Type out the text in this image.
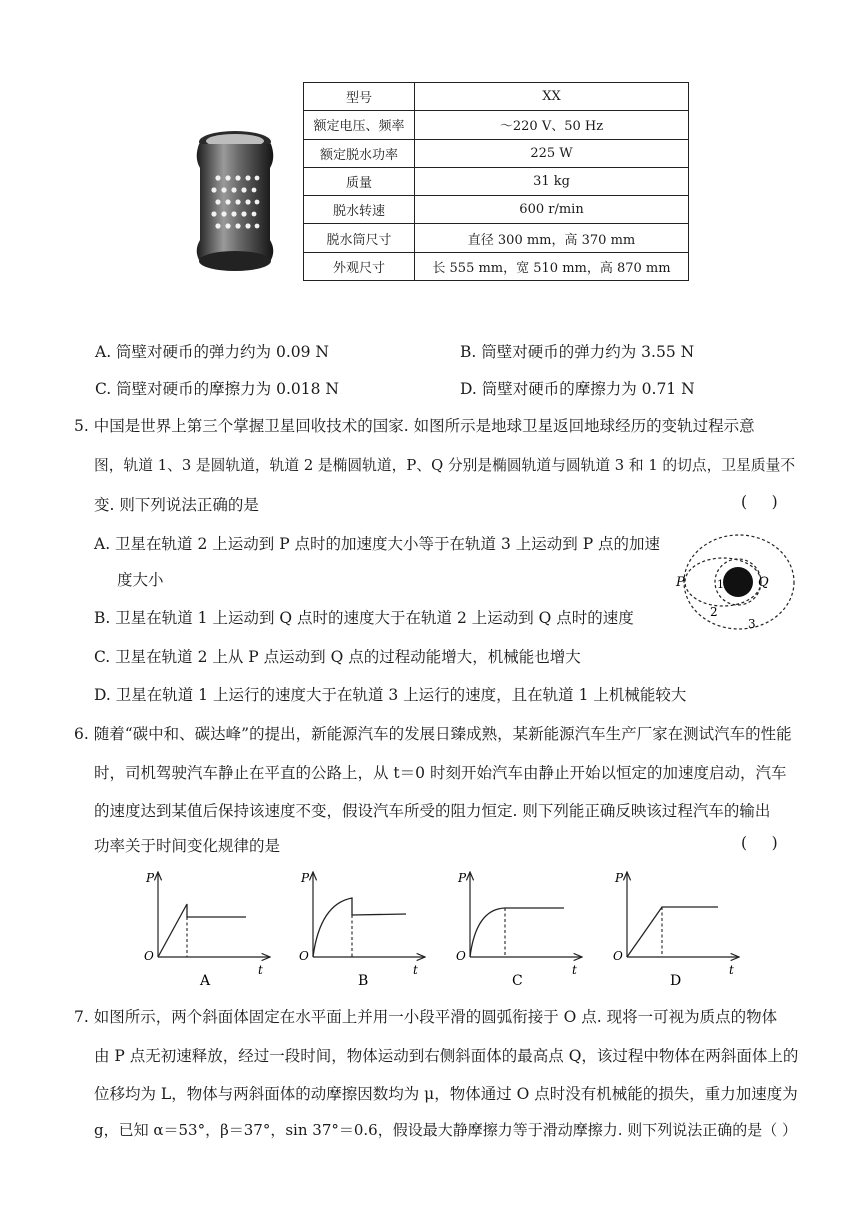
型号	XX
额定电压、频率	～220 V、50 Hz
额定脱水功率	225 W
质量	31 kg
脱水转速	600 r/min
脱水筒尺寸	直径 300 mm，高 370 mm
外观尺寸	长 555 mm，宽 510 mm，高 870 mm
A. 筒壁对硬币的弹力约为 0.09 N	B. 筒壁对硬币的弹力约为 3.55 N
C. 筒壁对硬币的摩擦力为 0.018 N	D. 筒壁对硬币的摩擦力为 0.71 N
5. 中国是世界上第三个掌握卫星回收技术的国家. 如图所示是地球卫星返回地球经历的变轨过程示意
图，轨道 1、3 是圆轨道，轨道 2 是椭圆轨道，P、Q 分别是椭圆轨道与圆轨道 3 和 1 的切点，卫星质量不
变. 则下列说法正确的是	(     )
A. 卫星在轨道 2 上运动到 P 点时的加速度大小等于在轨道 3 上运动到 P 点的加速
度大小
B. 卫星在轨道 1 上运动到 Q 点时的速度大于在轨道 2 上运动到 Q 点时的速度
C. 卫星在轨道 2 上从 P 点运动到 Q 点的过程动能增大，机械能也增大
D. 卫星在轨道 1 上运行的速度大于在轨道 3 上运行的速度，且在轨道 1 上机械能较大
P	Q
1
2
3
6. 随着“碳中和、碳达峰”的提出，新能源汽车的发展日臻成熟，某新能源汽车生产厂家在测试汽车的性能
时，司机驾驶汽车静止在平直的公路上，从 t＝0 时刻开始汽车由静止开始以恒定的加速度启动，汽车
的速度达到某值后保持该速度不变，假设汽车所受的阻力恒定. 则下列能正确反映该过程汽车的输出
功率关于时间变化规律的是	(     )
P
t
O
A
P
t
O
B
P
t
O
C
P
t
O
D
7. 如图所示，两个斜面体固定在水平面上并用一小段平滑的圆弧衔接于 O 点. 现将一可视为质点的物体
由 P 点无初速释放，经过一段时间，物体运动到右侧斜面体的最高点 Q，该过程中物体在两斜面体上的
位移均为 L，物体与两斜面体的动摩擦因数均为 μ，物体通过 O 点时没有机械能的损失，重力加速度为
g，已知 α＝53°，β＝37°，sin 37°＝0.6，假设最大静摩擦力等于滑动摩擦力. 则下列说法正确的是（ ）
